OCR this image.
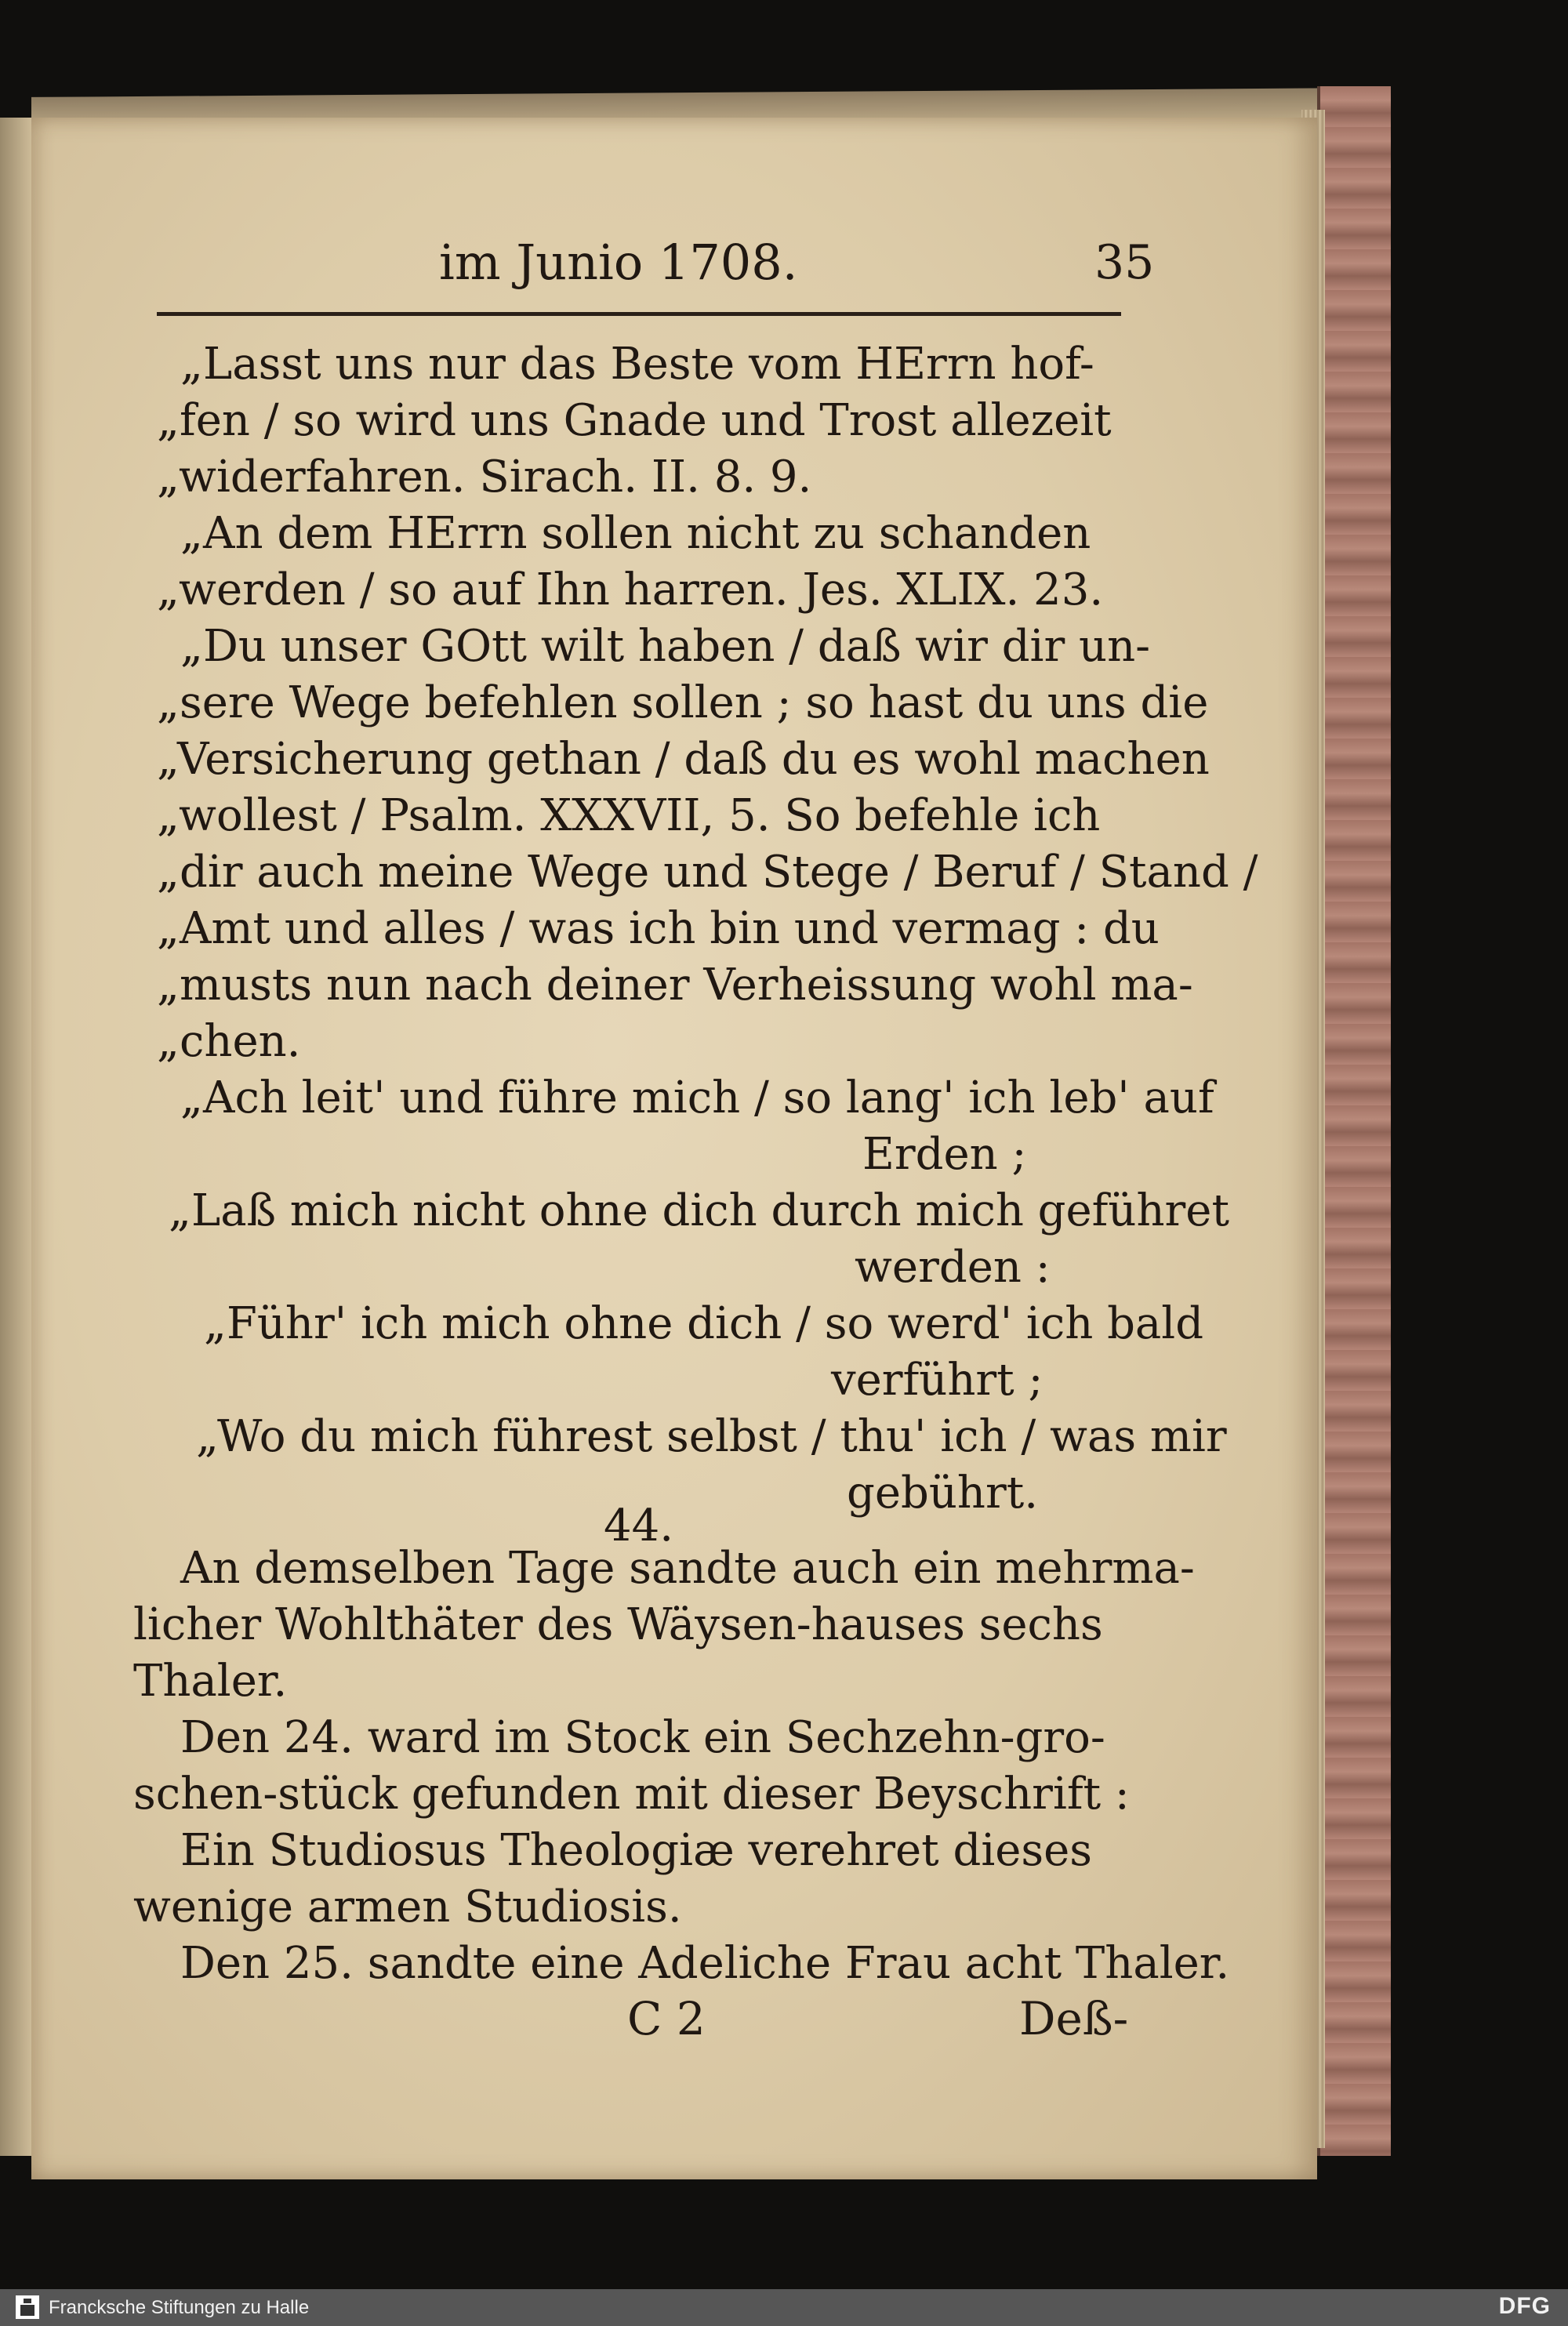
im Junio 1708.	35
„Lasst uns nur das Beste vom HErrn hof-
„fen / so wird uns Gnade und Trost allezeit
„widerfahren. Sirach. II. 8. 9.
„An dem HErrn sollen nicht zu schanden
„werden / so auf Ihn harren. Jes. XLIX. 23.
„Du unser GOtt wilt haben / daß wir dir un-
„sere Wege befehlen sollen ; so hast du uns die
„Versicherung gethan / daß du es wohl machen
„wollest / Psalm. XXXVII, 5. So befehle ich
„dir auch meine Wege und Stege / Beruf / Stand /
„Amt und alles / was ich bin und vermag : du
„musts nun nach deiner Verheissung wohl ma-
„chen.
„Ach leit' und führe mich / so lang' ich leb' auf
Erden ;
„Laß mich nicht ohne dich durch mich geführet
werden :
„Führ' ich mich ohne dich / so werd' ich bald
verführt ;
„Wo du mich führest selbst / thu' ich / was mir
gebührt.
44.
An demselben Tage sandte auch ein mehrma-
licher Wohlthäter des Wäysen-hauses sechs
Thaler.
Den 24. ward im Stock ein Sechzehn-gro-
schen-stück gefunden mit dieser Beyschrift :
Ein Studiosus Theologiæ verehret dieses
wenige armen Studiosis.
Den 25. sandte eine Adeliche Frau acht Thaler.
C 2	Deß-
Francksche Stiftungen zu Halle	DFG
